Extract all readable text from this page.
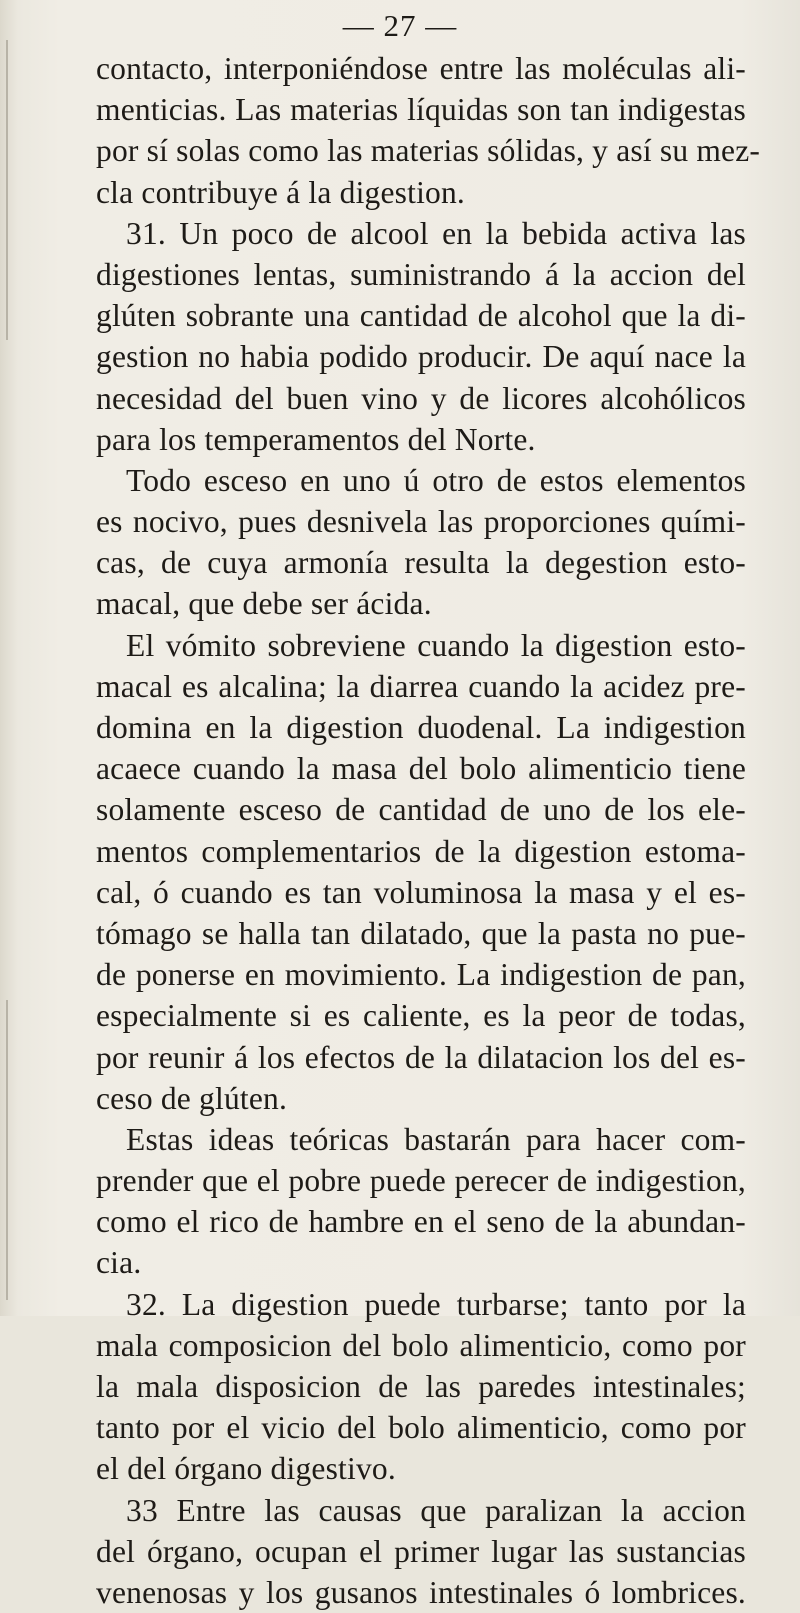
— 27 —
contacto, interponiéndose entre las moléculas ali-
menticias. Las materias líquidas son tan indigestas
por sí solas como las materias sólidas, y así su mez-
cla contribuye á la digestion.
31. Un poco de alcool en la bebida activa las
digestiones lentas, suministrando á la accion del
glúten sobrante una cantidad de alcohol que la di-
gestion no habia podido producir. De aquí nace la
necesidad del buen vino y de licores alcohólicos
para los temperamentos del Norte.
Todo esceso en uno ú otro de estos elementos
es nocivo, pues desnivela las proporciones quími-
cas, de cuya armonía resulta la degestion esto-
macal, que debe ser ácida.
El vómito sobreviene cuando la digestion esto-
macal es alcalina; la diarrea cuando la acidez pre-
domina en la digestion duodenal. La indigestion
acaece cuando la masa del bolo alimenticio tiene
solamente esceso de cantidad de uno de los ele-
mentos complementarios de la digestion estoma-
cal, ó cuando es tan voluminosa la masa y el es-
tómago se halla tan dilatado, que la pasta no pue-
de ponerse en movimiento. La indigestion de pan,
especialmente si es caliente, es la peor de todas,
por reunir á los efectos de la dilatacion los del es-
ceso de glúten.
Estas ideas teóricas bastarán para hacer com-
prender que el pobre puede perecer de indigestion,
como el rico de hambre en el seno de la abundan-
cia.
32. La digestion puede turbarse; tanto por la
mala composicion del bolo alimenticio, como por
la mala disposicion de las paredes intestinales;
tanto por el vicio del bolo alimenticio, como por
el del órgano digestivo.
33 Entre las causas que paralizan la accion
del órgano, ocupan el primer lugar las sustancias
venenosas y los gusanos intestinales ó lombrices.
